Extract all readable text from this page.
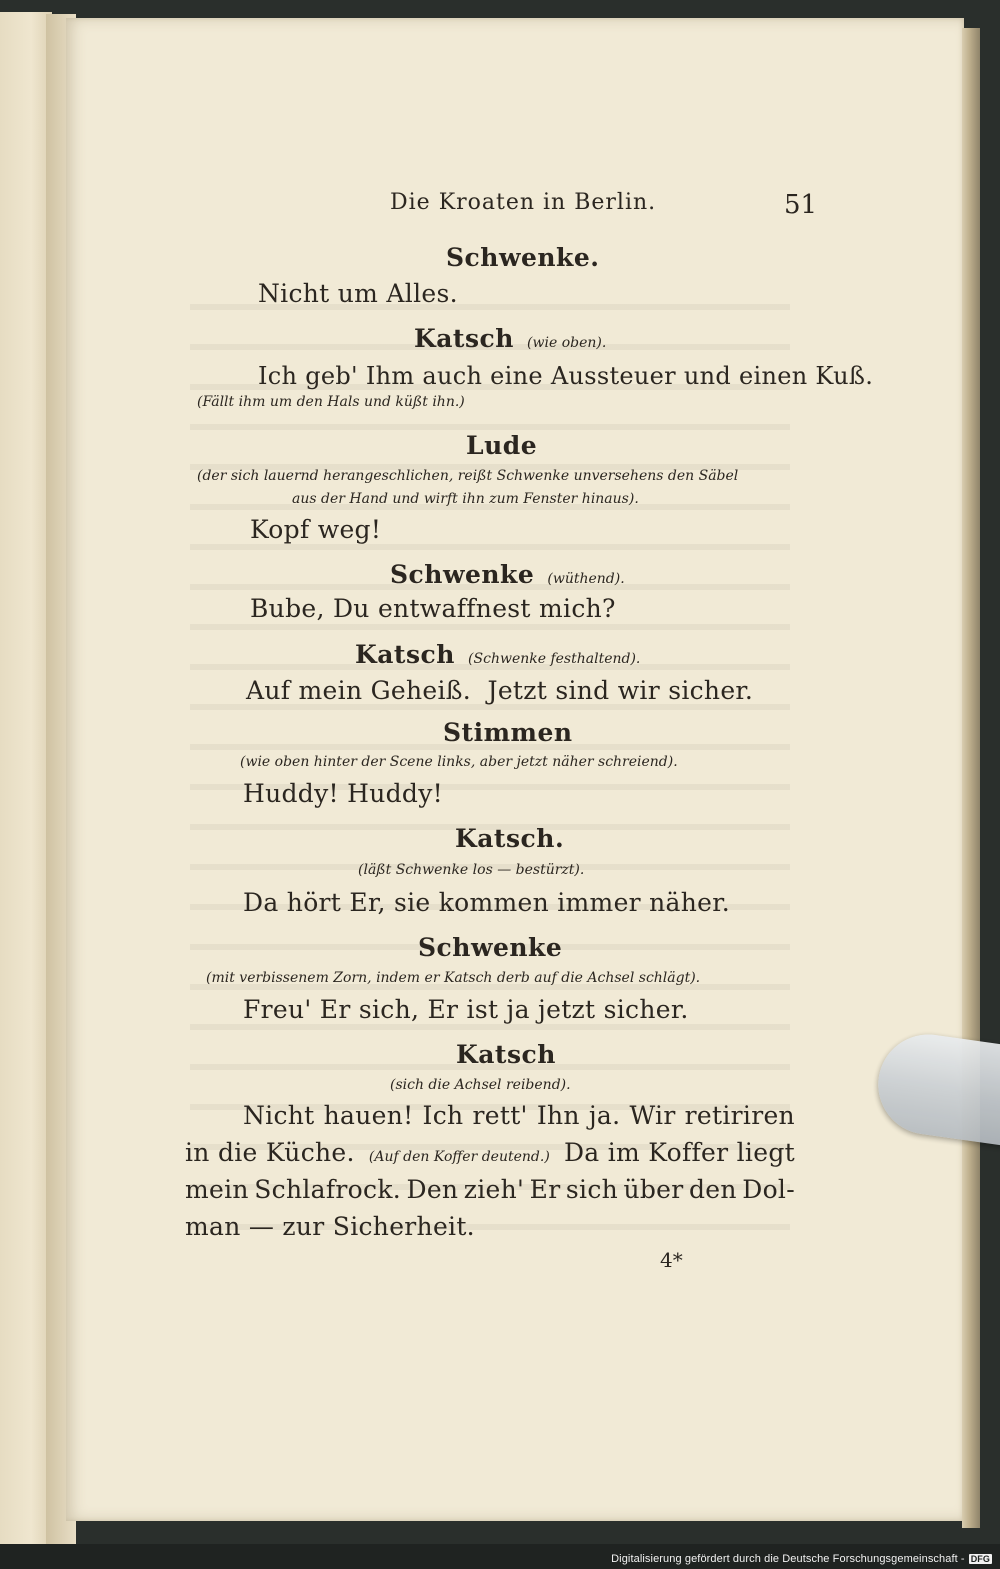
Die Kroaten in Berlin.	51
Schwenke.
Nicht um Alles.
Katsch (wie oben).
Ich geb' Ihm auch eine Aussteuer und einen Kuß.
(Fällt ihm um den Hals und küßt ihn.)
Lude
(der sich lauernd herangeschlichen, reißt Schwenke unversehens den Säbel
aus der Hand und wirft ihn zum Fenster hinaus).
Kopf weg!
Schwenke (wüthend).
Bube, Du entwaffnest mich?
Katsch (Schwenke festhaltend).
Auf mein Geheiß.  Jetzt sind wir sicher.
Stimmen
(wie oben hinter der Scene links, aber jetzt näher schreiend).
Huddy! Huddy!
Katsch.
(läßt Schwenke los — bestürzt).
Da hört Er, sie kommen immer näher.
Schwenke
(mit verbissenem Zorn, indem er Katsch derb auf die Achsel schlägt).
Freu' Er sich, Er ist ja jetzt sicher.
Katsch
(sich die Achsel reibend).
Nicht hauen! Ich rett' Ihn ja. Wir retiriren
in die Küche. (Auf den Koffer deutend.) Da im Koffer liegt
mein Schlafrock. Den zieh' Er sich über den Dol-
man — zur Sicherheit.
4*
Digitalisierung gefördert durch die Deutsche Forschungsgemeinschaft - DFG
